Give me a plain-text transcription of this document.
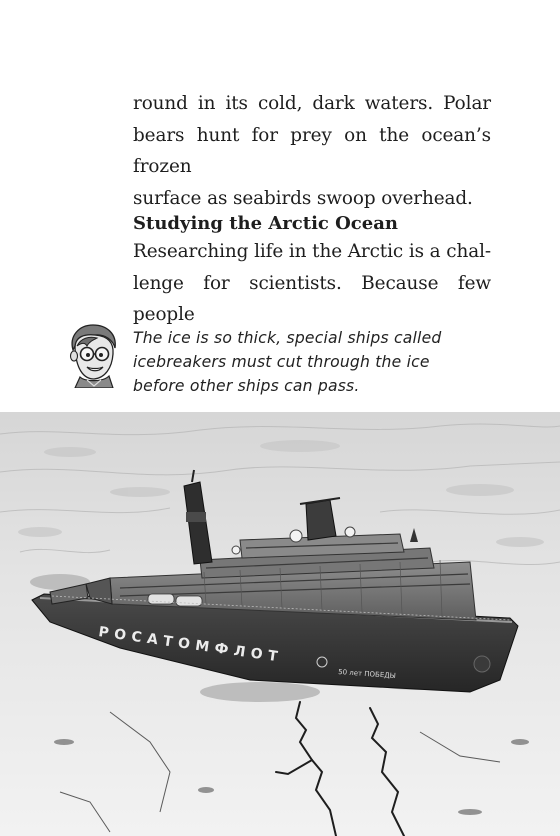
round in its cold, dark waters. Polar
bears hunt for prey on the ocean’s frozen
surface as seabirds swoop overhead.

Studying the Arctic Ocean

Researching life in the Arctic is a chal-
lenge for scientists. Because few people

The ice is so thick, special ships called
icebreakers must cut through the ice
before other ships can pass.

РОСАТОМФЛОТ
50 лет ПОБЕДЫ
